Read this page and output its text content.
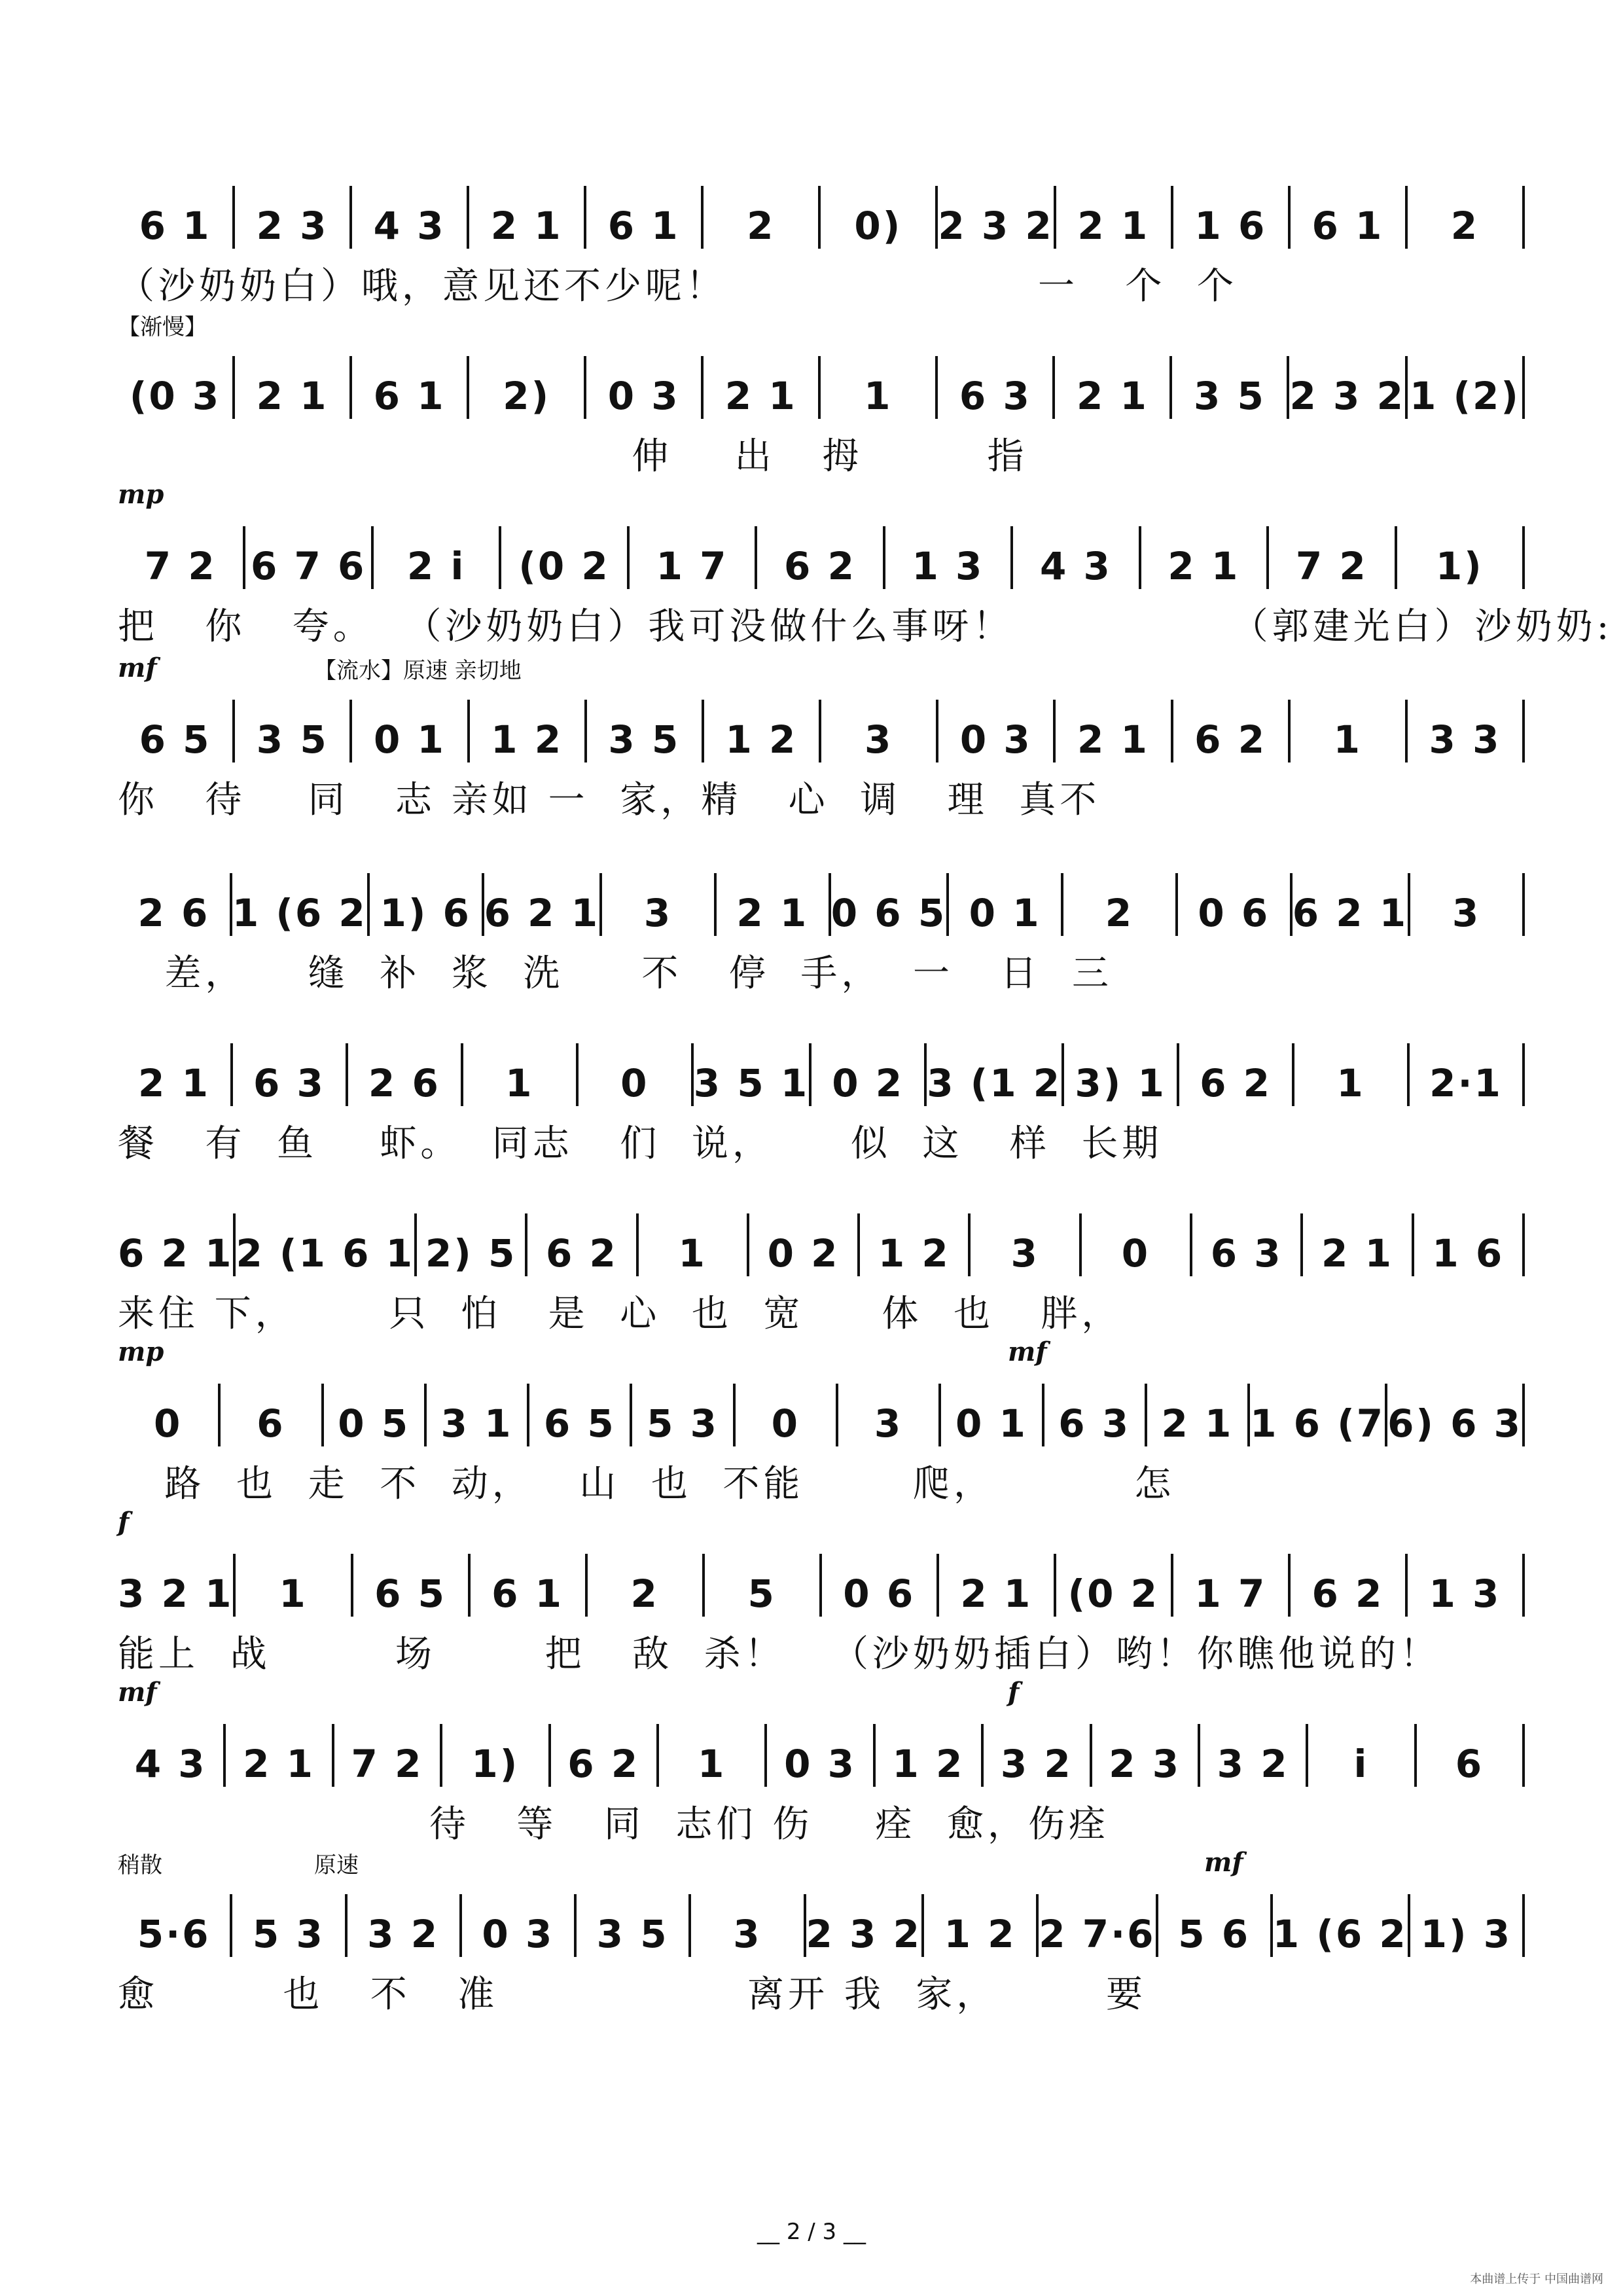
6 1 2 3 4 3 2 1 6 1 2 0) 2 3 2 2 1 1 6 6 1 2
（沙奶奶白）哦，意见还不少呢！                    一   个  个
(0 3 2 1 6 1 2) 0 3 2 1 1 6 3 2 1 3 5 2 3 2 1 (2)
伸    出   拇        指
【渐慢】
7 2 6 7 6 2 i (0 2 1 7 6 2 1 3 4 3 2 1 7 2 1)
把   你   夸。  （沙奶奶白）我可没做什么事呀！              （郭建光白）沙奶奶:
mp
6 5 3 5 0 1 1 2 3 5 1 2 3 0 3 2 1 6 2 1 3 3
你   待    同   志 亲如 一  家，精   心  调   理  真不
mf	【流水】原速 亲切地
2 6 1 (6 2 1) 6 6 2 1 3 2 1 0 6 5 0 1 2 0 6 6 2 1 3
差，    缝  补  浆  洗     不   停  手，  一   日  三
2 1 6 3 2 6 1 0 3 5 1 0 2 3 (1 2 3) 1 6 2 1 2·1
餐   有  鱼    虾。  同志   们  说，     似  这   样  长期
6 2 1 2 (1 6 1 2) 5 6 2 1 0 2 1 2 3 0 6 3 2 1 1 6
来住 下，      只  怕   是  心  也  宽     体  也   胖，
0 6 0 5 3 1 6 5 5 3 0 3 0 1 6 3 2 1 1 6 (7 6) 6 3
路  也  走  不  动，   山  也  不能       爬，         怎
mp	mf
3 2 1 1 6 5 6 1 2 5 0 6 2 1 (0 2 1 7 6 2 1 3
能上  战        场       把   敌  杀！   （沙奶奶插白）哟！你瞧他说的！
f
4 3 2 1 7 2 1) 6 2 1 0 3 1 2 3 2 2 3 3 2 i 6
待   等   同  志们 伤    痊  愈，伤痊
mf	f
5·6 5 3 3 2 0 3 3 5 3 2 3 2 1 2 2 7·6 5 6 1 (6 2 1) 3
愈        也   不   准                离开 我  家，       要
稍散	原速	mf
__ 2 / 3 __
本曲谱上传于 中国曲谱网
